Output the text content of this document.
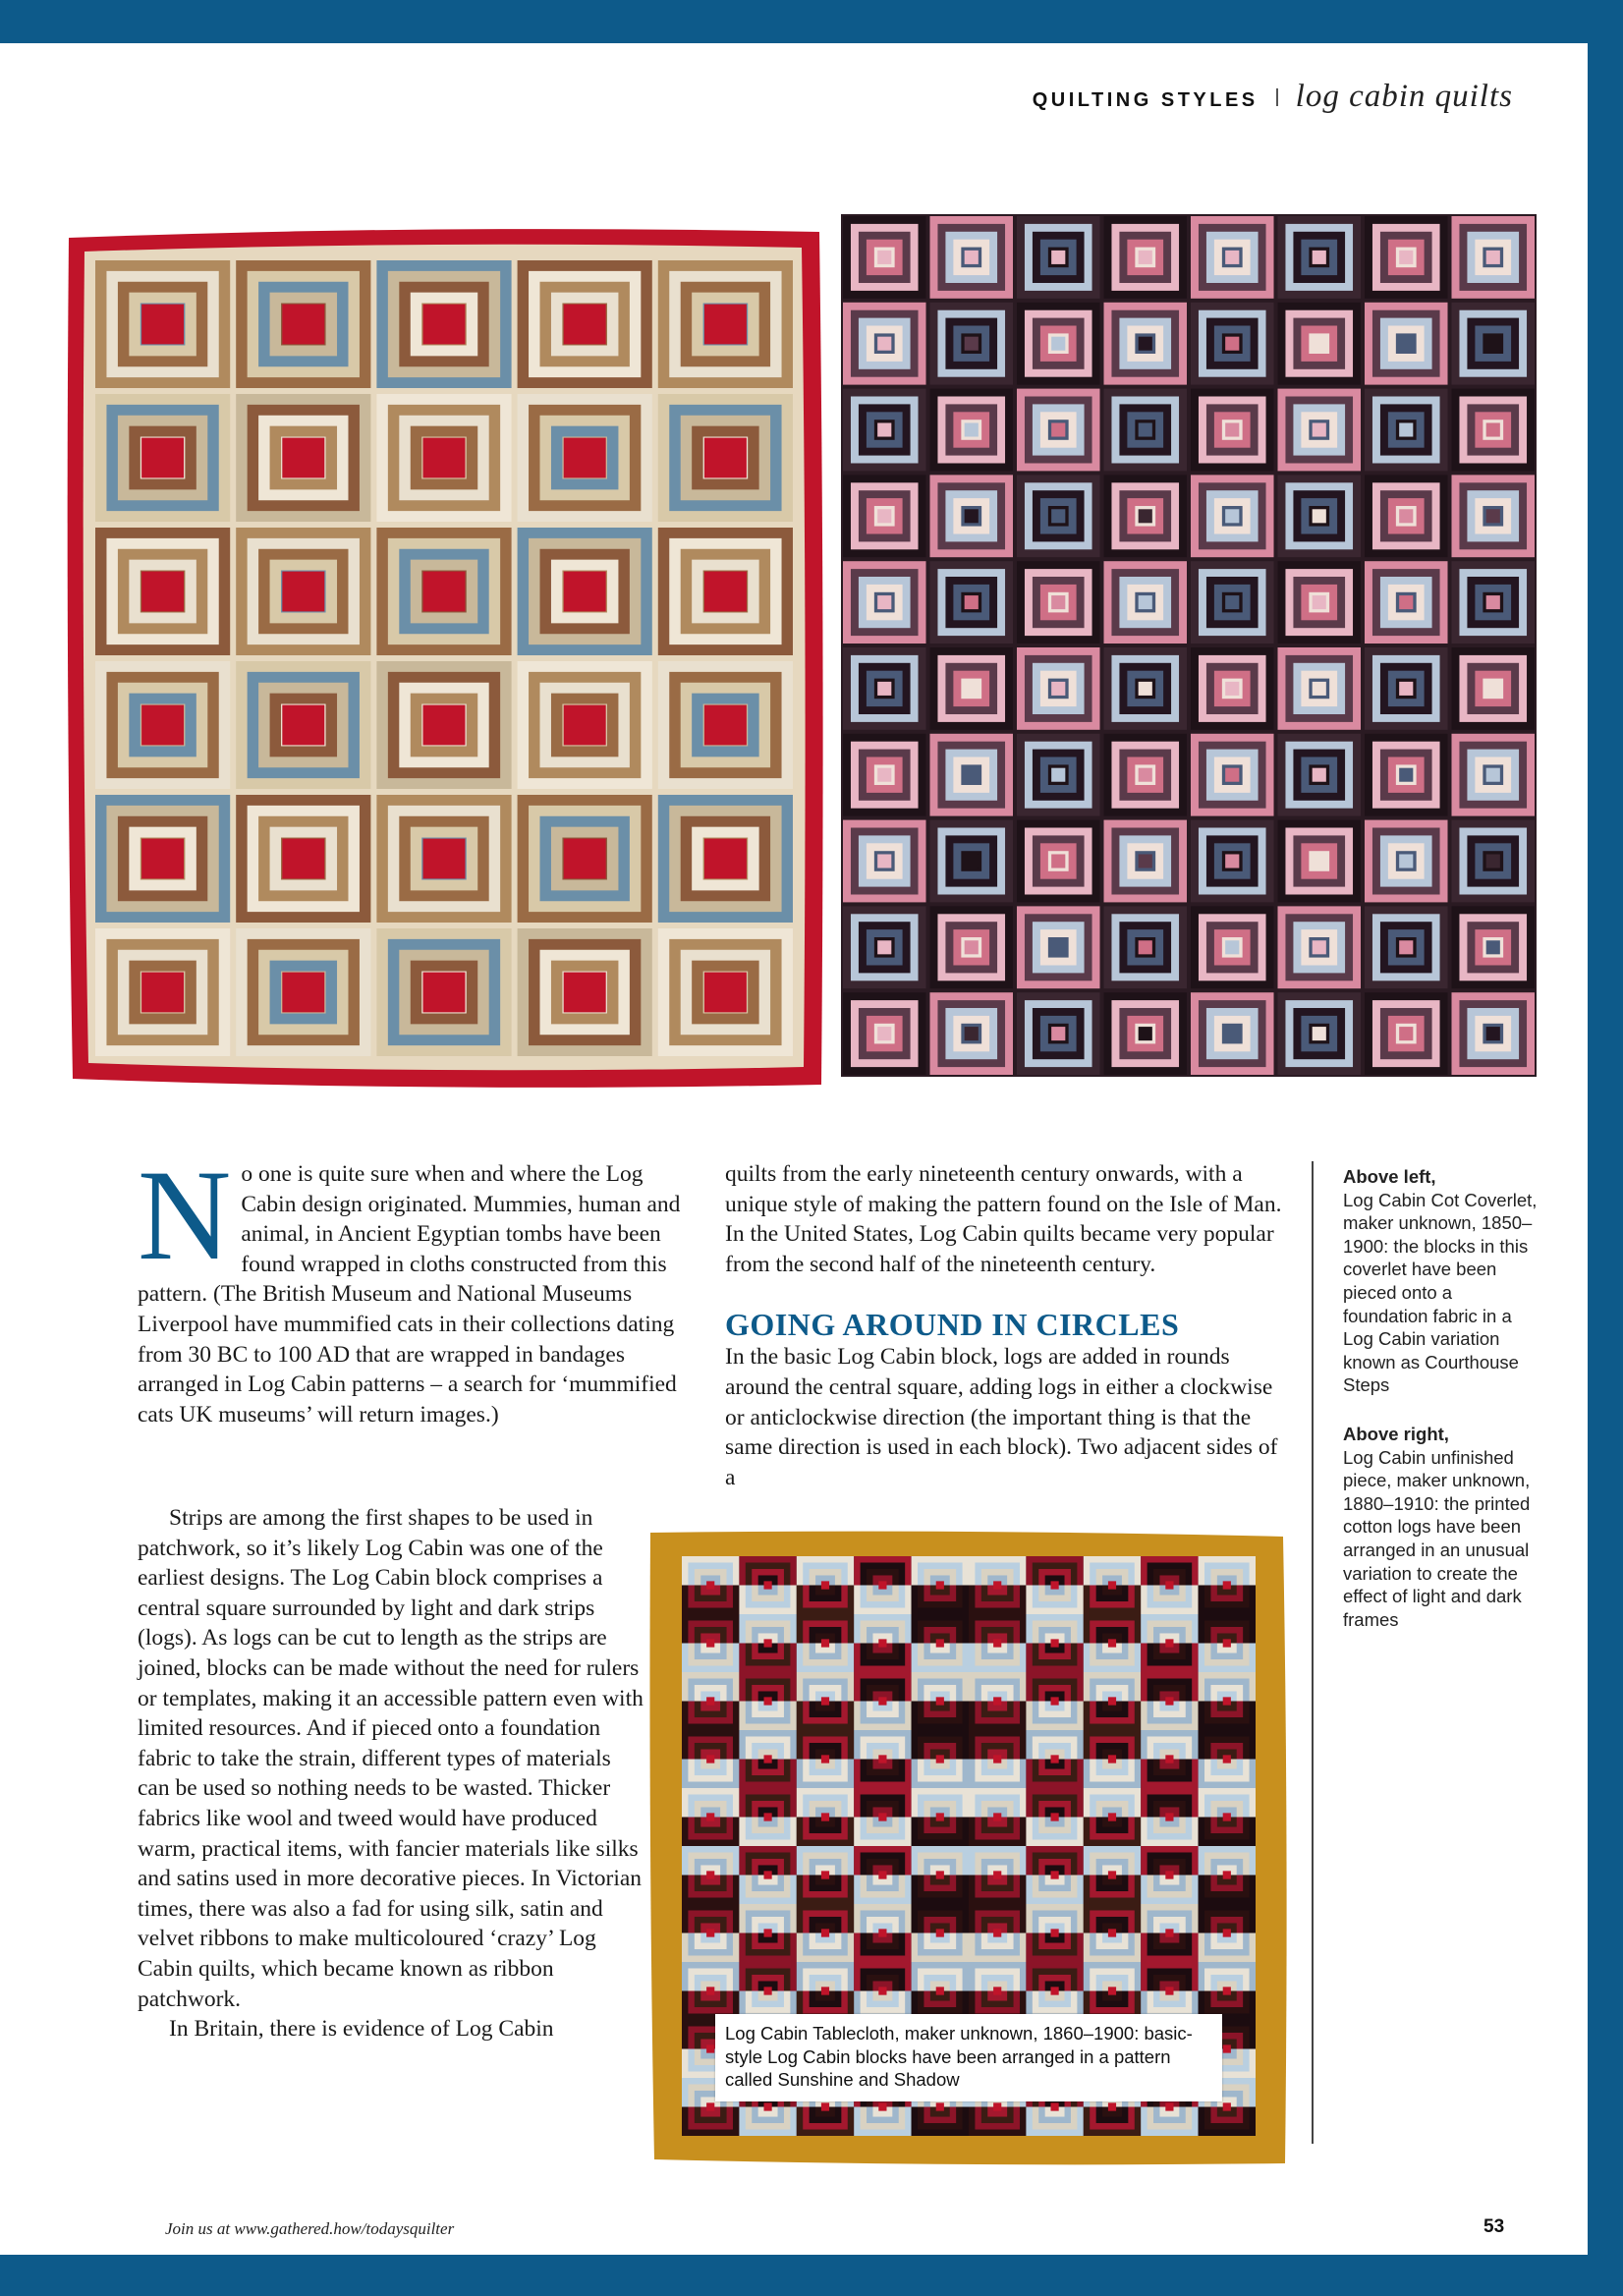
QUILTING STYLES log cabin quilts

No one is quite sure when and where the Log Cabin design originated. Mummies, human and animal, in Ancient Egyptian tombs have been found wrapped in cloths constructed from this pattern. (The British Museum and National Museums Liverpool have mummified cats in their collections dating from 30 BC to 100 AD that are wrapped in bandages arranged in Log Cabin patterns – a search for ‘mummified cats UK museums’ will return images.)

Strips are among the first shapes to be used in patchwork, so it’s likely Log Cabin was one of the earliest designs. The Log Cabin block comprises a central square surrounded by light and dark strips (logs). As logs can be cut to length as the strips are joined, blocks can be made without the need for rulers or templates, making it an accessible pattern even with limited resources. And if pieced onto a foundation fabric to take the strain, different types of materials can be used so nothing needs to be wasted. Thicker fabrics like wool and tweed would have produced warm, practical items, with fancier materials like silks and satins used in more decorative pieces. In Victorian times, there was also a fad for using silk, satin and velvet ribbons to make multicoloured ‘crazy’ Log Cabin quilts, which became known as ribbon patchwork.

In Britain, there is evidence of Log Cabin

quilts from the early nineteenth century onwards, with a unique style of making the pattern found on the Isle of Man. In the United States, Log Cabin quilts became very popular from the second half of the nineteenth century.

GOING AROUND IN CIRCLES

In the basic Log Cabin block, logs are added in rounds around the central square, adding logs in either a clockwise or anticlockwise direction (the important thing is that the same direction is used in each block). Two adjacent sides of a

Above left,
Log Cabin Cot Coverlet, maker unknown, 1850–1900: the blocks in this coverlet have been pieced onto a foundation fabric in a Log Cabin variation known as Courthouse Steps

Above right,
Log Cabin unfinished piece, maker unknown, 1880–1910: the printed cotton logs have been arranged in an unusual variation to create the effect of light and dark frames

Log Cabin Tablecloth, maker unknown, 1860–1900: basic-style Log Cabin blocks have been arranged in a pattern called Sunshine and Shadow
Join us at www.gathered.how/todaysquilter	53
